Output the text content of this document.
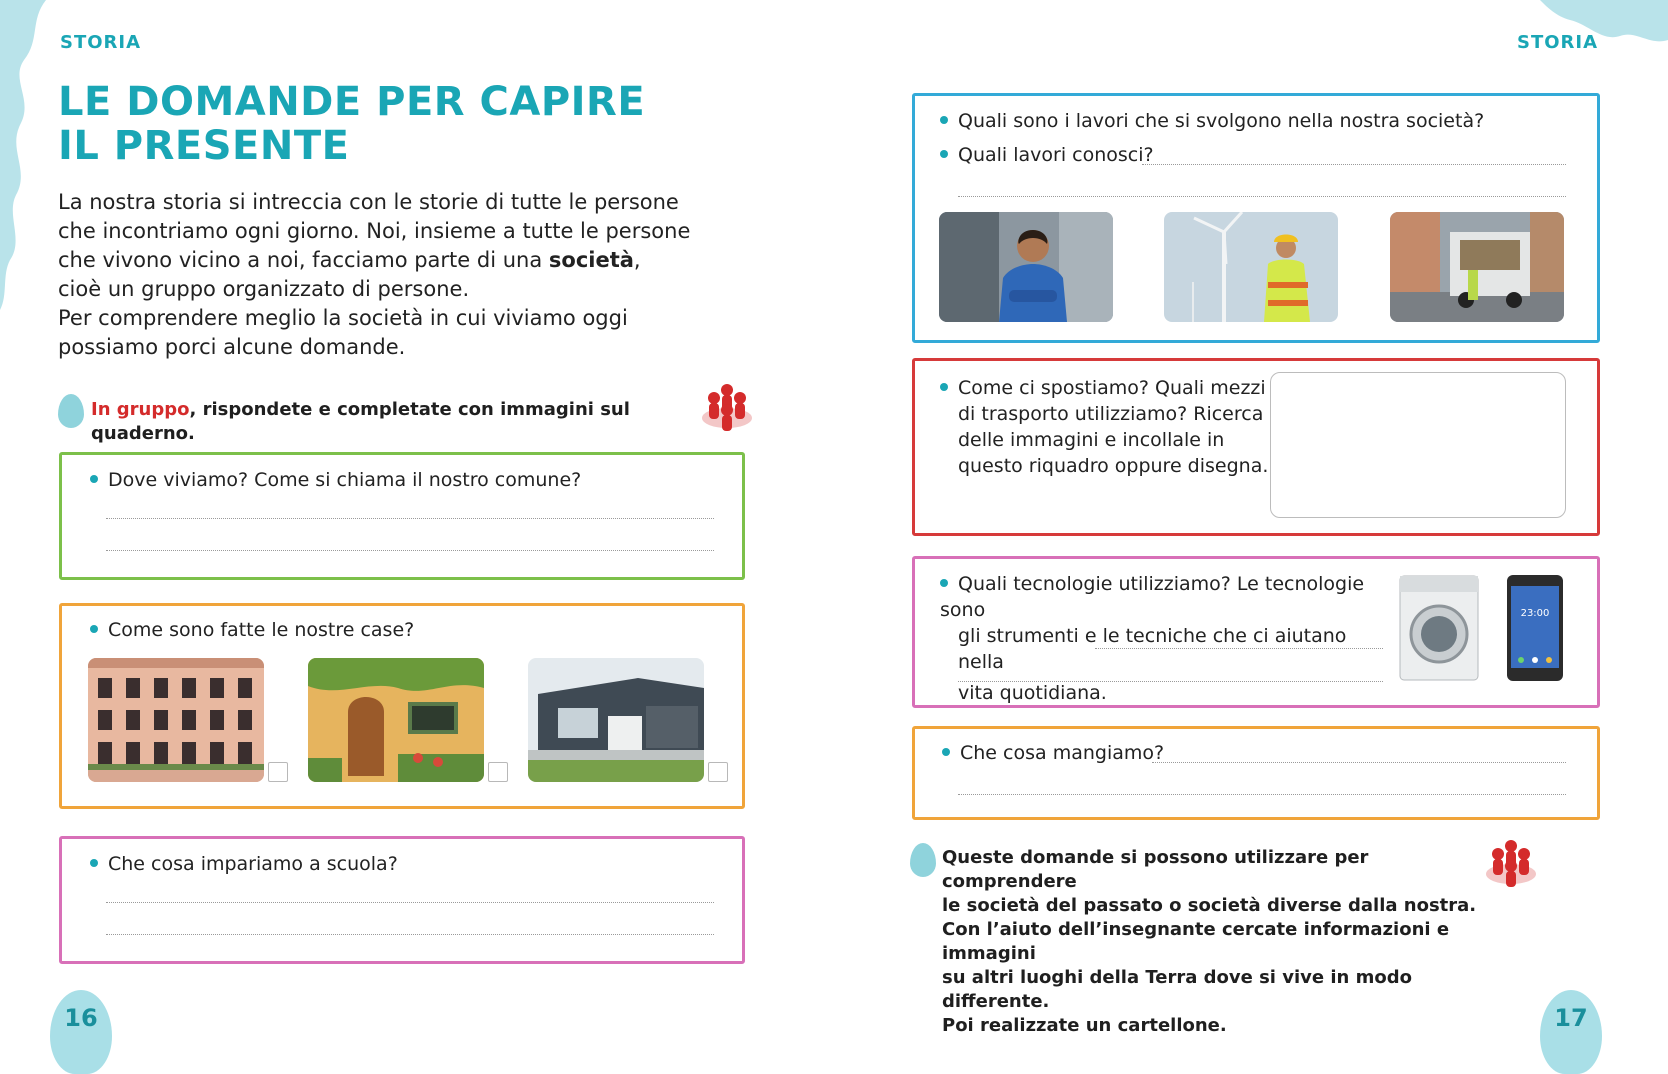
STORIA
LE DOMANDE PER CAPIRE
IL PRESENTE
La nostra storia si intreccia con le storie di tutte le persone
che incontriamo ogni giorno. Noi, insieme a tutte le persone
che vivono vicino a noi, facciamo parte di una società,
cioè un gruppo organizzato di persone.
Per comprendere meglio la società in cui viviamo oggi
possiamo porci alcune domande.
In gruppo, rispondete e completate con immagini sul quaderno.
Dove viviamo? Come si chiama il nostro comune?
Come sono fatte le nostre case?
Che cosa impariamo a scuola?
16
STORIA
Quali sono i lavori che si svolgono nella nostra società?
Quali lavori conosci?
Come ci spostiamo? Quali mezzi
di trasporto utilizziamo? Ricerca
delle immagini e incollale in
questo riquadro oppure disegna.
Quali tecnologie utilizziamo? Le tecnologie sono
gli strumenti e le tecniche che ci aiutano nella
vita quotidiana.
23:00
Che cosa mangiamo?
Queste domande si possono utilizzare per comprendere
le società del passato o società diverse dalla nostra.
Con l’aiuto dell’insegnante cercate informazioni e immagini
su altri luoghi della Terra dove si vive in modo differente.
Poi realizzate un cartellone.	17
